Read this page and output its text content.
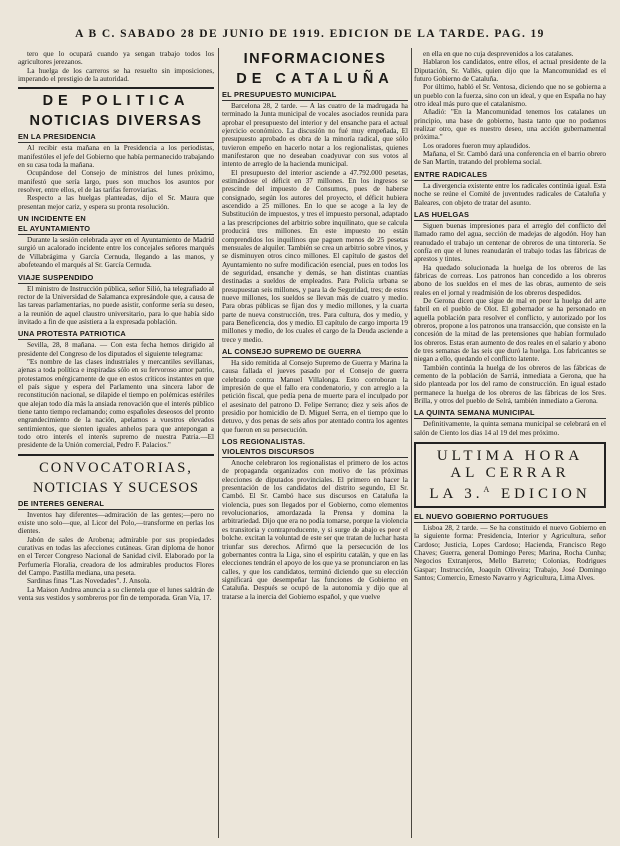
A B C. SABADO 28 DE JUNIO DE 1919. EDICION DE LA TARDE. PAG. 19

tero que lo ocupará cuando ya sengan trabajo todos los agricultores jerezanos.

La huelga de los carreros se ha resuelto sin imposiciones, imperando el prestigio de la autoridad.

DE POLITICA
NOTICIAS DIVERSAS
EN LA PRESIDENCIA

Al recibir esta mañana en la Presidencia a los periodistas, manifestóles el jefe del Gobierno que había permanecido trabajando en su casa toda la mañana.

Ocupándose del Consejo de ministros del lunes próximo, manifestó que sería largo, pues son muchos los asuntos por resolver, entre ellos, el de las tarifas ferroviarias.

Respecto a las huelgas planteadas, dijo el Sr. Maura que presentan mejor cariz, y espera su pronta resolución.

UN INCIDENTE EN
EL AYUNTAMIENTO

Durante la sesión celebrada ayer en el Ayuntamiento de Madrid surgió un acalorado incidente entre los concejales señores marqués de Villabrágima y García Cernuda, llegando a las manos, y abofeteando el marqués al Sr. García Cernuda.

VIAJE SUSPENDIDO

El ministro de Instrucción pública, señor Silió, ha telegrafiado al rector de la Universidad de Salamanca expresándole que, a causa de las tareas parlamentarias, no puede asistir, conforme sería su deseo, a la reunión de aquel claustro universitario, para lo que había sido invitado a fin de que asistiera a la expresada población.

UNA PROTESTA PATRIOTICA

Sevilla, 28, 8 mañana. — Con esta fecha hemos dirigido al presidente del Congreso de los diputados el siguiente telegrama:

"Es nombre de las clases industriales y mercantiles sevillanas, ajenas a toda política e inspiradas sólo en su fervoroso amor patrio, protestamos enérgicamente de que en estos críticos instantes en que el país sigue y espera del Parlamento una sincera labor de reconstitución nacional, se dilapide el tiempo en polémicas estériles que alejan todo día más la ansiada renovación que el interés público tiene tanto tiempo reclamando; como españoles deseosos del pronto engrandecimiento de la nación, apelamos a vuestros elevados sentimientos, que sienten iguales anhelos para que antepongan a todo otro interés el interés supremo de nuestra Patria.—El presidente de la Unión comercial, Pedro F. Palacios."

CONVOCATORIAS,
NOTICIAS Y SUCESOS
DE INTERES GENERAL

Inventos hay diferentes—admiración de las gentes;—pero no existe uno solo—que, al Licor del Polo,—transforme en perlas los dientes.

Jabón de sales de Arobena; admirable por sus propiedades curativas en todas las afecciones cutáneas. Gran diploma de honor en el Tercer Congreso Nacional de Sanidad civil. Elaborado por la Perfumería Floralia, creadora de los admirables productos Flores del Campo. Pastilla mediana, una peseta.

Sardinas finas "Las Novedades". J. Ansola.

La Maison Andrea anuncia a su clientela que el lunes saldrán de venta sus vestidos y sombreros por fin de temporada. Gran Vía, 17.

INFORMACIONES
DE CATALUÑA
EL PRESUPUESTO MUNICIPAL

Barcelona 28, 2 tarde. — A las cuatro de la madrugada ha terminado la Junta municipal de vocales asociados reunida para aprobar el presupuesto del interior y del ensanche para el actual ejercicio económico. La discusión no fué muy empeñada, El presupuesto aprobado es obra de la minoría radical, que sólo tuvieron empeño en hacerlo notar a los regionalistas, quienes manifestaron que no deseaban coadyuvar con sus votos al intento de arreglo de la hacienda municipal.

El presupuesto del interior asciende a 47.792.000 pesetas, estimándose el déficit en 37 millones. En los ingresos se prescinde del impuesto de Consumos, pues de haberse consignado, según los autores del proyecto, el déficit hubiera ascendido a 25 millones. En lo que se acoge a la ley de Substitución de impuestos, y tres el impuesto personal, adaptado a las prescripciones del arbitrio sobre inquilinato, que se calcula producirá tres millones. En este impuesto no están comprendidos los inquilinos que paguen menos de 25 pesetas mensuales de alquiler. También se crea un arbitrio sobre vinos, y se disminuyen otros cinco millones. El capítulo de gastos del Ayuntamiento no sufre modificación esencial, pues en todos los de seguridad, ensanche y demás, se han distintas cuantías destinadas a sueldos de empleados. Para Policía urbana se presupuestan seis millones, y para la de Seguridad, tres; de estos nueve millones, los sueldos se llevan más de cuatro y medio. Para obras públicas se fijan dos y medio millones, y la cuarta parte de nueva construcción, tres. Para cultura, dos y medio, y para Beneficencia, dos y medio. El capítulo de cargo importa 19 millones y medio, de los cuales el cargo de la Deuda asciende a trece y medio.

AL CONSEJO SUPREMO DE GUERRA

Ha sido remitida al Consejo Supremo de Guerra y Marina la causa fallada el jueves pasado por el Consejo de guerra celebrado contra Manuel Villalonga. Esto corroboran la impresión de que el fallo era condenatorio, y con arreglo a la petición fiscal, que pedía pena de muerte para el inculpado por el asesinato del patrono D. Felipe Serrano; diez y seis años de presidio por homicidio de D. Miguel Serra, en el tiempo que lo detuvo, y dos penas de seis años por atentado contra los agentes que fueron en su persecución.

LOS REGIONALISTAS.
VIOLENTOS DISCURSOS

Anoche celebraron los regionalistas el primero de los actos de propaganda organizados con motivo de las próximas elecciones de diputados provinciales. El primero en hacer la presentación de los candidatos del distrito segundo, El Sr. Cambó. El Sr. Cambó hace sus discursos en Cataluña la violencia, pues son llegados por el Gobierno, como elementos revolucionarios, amordazada la Prensa y domina la arbitrariedad. Dijo que era no podía tomarse, porque la violencia es transitoria y contraproducente, y si surge de abajo es peor el bolche. excitan la voluntad de este ser que tratan de luchar hasta triunfar sus derechos. Afirmó que la persecución de los gobernantes contra la Liga, sino el espíritu catalán, y que en las elecciones tendrán el apoyo de los que ya se pronunciaron en las calles, y que los candidatos, terminó diciendo que su elección significará que desempeñar las funciones de Gobierno en Cataluña. Después se ocupó de la autonomía y dijo que al tratarse a la inercia del Gobierno español, y que vuelve

en ella en que no cuja desprevenidos a los catalanes.

Hablaron los candidatos, entre ellos, el actual presidente de la Diputación, Sr. Vallés, quien dijo que la Mancomunidad es el futuro Gobierno de Cataluña.

Por último, habló el Sr. Ventosa, diciendo que no se gobierna a un pueblo con la fuerza, sino con un ideal, y que en España no hay otro ideal más puro que el catalanismo.

Añadió: "En la Mancomunidad tenemos los catalanes un principio, una base de gobierno, hasta tanto que no podamos realizar otro, que es nuestro deseo, una acción gubernamental próxima."

Los oradores fueron muy aplaudidos.

Mañana, el Sr. Cambó dará una conferencia en el barrio obrero de San Martín, tratando del problema social.

ENTRE RADICALES

La divergencia existente entre los radicales continúa igual. Esta noche se reúne el Comité de juventudes radicales de Cataluña y Baleares, con objeto de tratar del asunto.

LAS HUELGAS

Siguen buenas impresiones para el arreglo del conflicto del llamado ramo del agua, sección de madejas de algodón. Hoy han reanudado el trabajo un centenar de obreros de una tintorería. Se confía en que el lunes reanudarán el trabajo todas las fábricas de aprestos y tintes.

Ha quedado solucionada la huelga de los obreros de las fábricas de correas. Los patronos han concedido a los obreros abono de los sueldos en el mes de las obras, aumento de seis reales en el jornal y readmisión de los obreros despedidos.

De Gerona dicen que sigue de mal en peor la huelga del arte fabril en el pueblo de Olot. El gobernador se ha personado en aquella población para resolver el conflicto, y autorizado por los obreros, propone a los patronos una transacción, que consiste en la concesión de la mitad de las pretensiones que habían formulado los obreros. Estas eran aumento de dos reales en el salario y abono de tres semanas de las seis que duró la huelga. Los fabricantes se niegan a ello, quedando el conflicto latente.

También continúa la huelga de los obreros de las fábricas de cemento de la población de Sarriá, inmediata a Gerona, que ha sido planteada por los del ramo de construcción. En igual estado permanece la huelga de los obreros de las fábricas de los Sres. Brilla, y otros del pueblo de Selrá, también inmediato a Gerona.

LA QUINTA SEMANA MUNICIPAL

Definitivamente, la quinta semana municipal se celebrará en el salón de Ciento los días 14 al 19 del mes próximo.

ULTIMA HORA
AL CERRAR
LA 3.$^A$ EDICION
EL NUEVO GOBIERNO PORTUGUES

Lisboa 28, 2 tarde. — Se ha constituido el nuevo Gobierno en la siguiente forma: Presidencia, Interior y Agricultura, señor Cardoso; Justicia, Lopes Cardoso; Hacienda, Francisco Rego Chaves; Guerra, general Domingo Peres; Marina, Rocha Cunha; Negocios Extranjeros, Mello Barreto; Colonias, Rodrigues Gaspar; Instrucción, Joaquín Oliveira; Trabajo, José Domingo Santos; Comercio, Ernesto Navarro y Agricultura, Lima Alves.
